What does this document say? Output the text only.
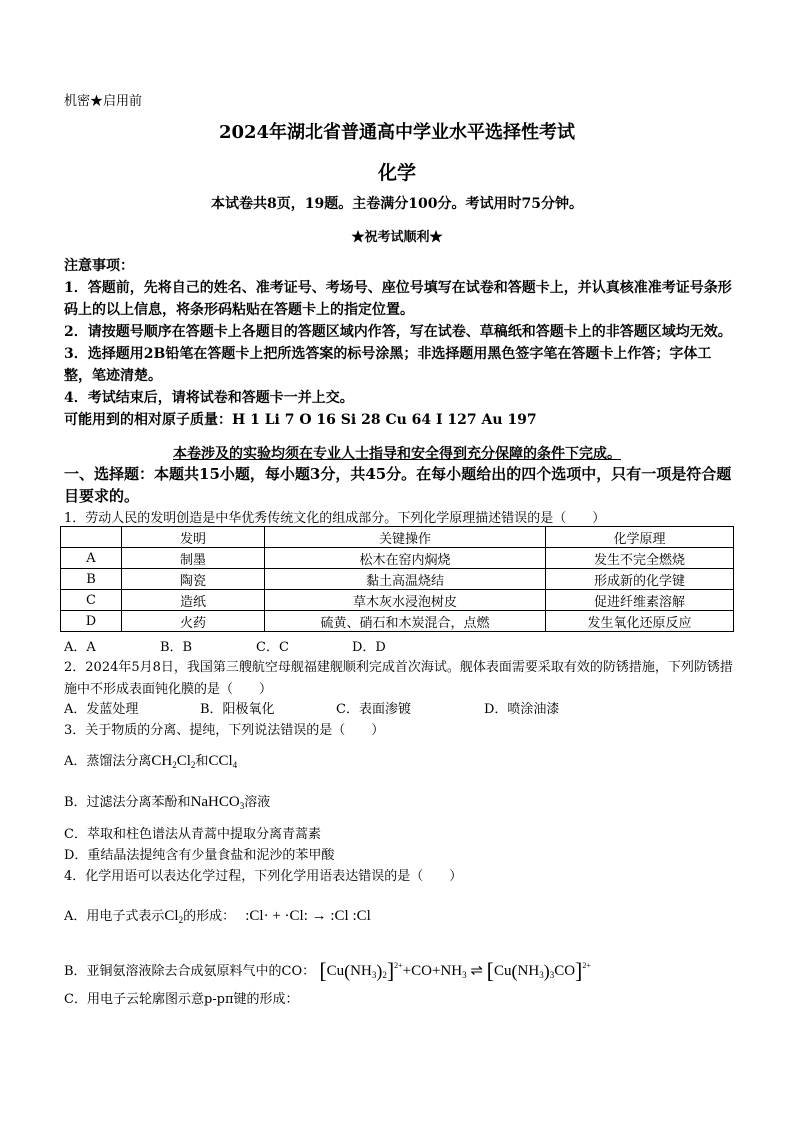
机密★启用前
2024年湖北省普通高中学业水平选择性考试
化学
本试卷共8页，19题。主卷满分100分。考试用时75分钟。
★祝考试顺利★
注意事项：
1．答题前，先将自己的姓名、准考证号、考场号、座位号填写在试卷和答题卡上，并认真核准准考证号条形码上的以上信息，将条形码粘贴在答题卡上的指定位置。
2．请按题号顺序在答题卡上各题目的答题区域内作答，写在试卷、草稿纸和答题卡上的非答题区域均无效。
3．选择题用2B铅笔在答题卡上把所选答案的标号涂黑；非选择题用黑色签字笔在答题卡上作答；字体工整，笔迹清楚。
4．考试结束后，请将试卷和答题卡一并上交。
可能用到的相对原子质量：H 1 Li 7 O 16 Si 28 Cu 64 I 127 Au 197
本卷涉及的实验均须在专业人士指导和安全得到充分保障的条件下完成。
一、选择题：本题共15小题，每小题3分，共45分。在每小题给出的四个选项中，只有一项是符合题目要求的。
1．劳动人民的发明创造是中华优秀传统文化的组成部分。下列化学原理描述错误的是（　　）
	发明	关键操作	化学原理
A	制墨	松木在窑内焖烧	发生不完全燃烧
B	陶瓷	黏土高温烧结	形成新的化学键
C	造纸	草木灰水浸泡树皮	促进纤维素溶解
D	火药	硫黄、硝石和木炭混合，点燃	发生氧化还原反应
A．A	B．B	C．C	D．D
2．2024年5月8日，我国第三艘航空母舰福建舰顺利完成首次海试。舰体表面需要采取有效的防锈措施，下列防锈措施中不形成表面钝化膜的是（　　）
A．发蓝处理	B．阳极氧化	C．表面渗镀	D．喷涂油漆
3．关于物质的分离、提纯，下列说法错误的是（　　）
A．蒸馏法分离$CH_2Cl_2$和CCl$_4$
B．过滤法分离苯酚和NaHCO$_3$溶液
C．萃取和柱色谱法从青蒿中提取分离青蒿素
D．重结晶法提纯含有少量食盐和泥沙的苯甲酸
4．化学用语可以表达化学过程，下列化学用语表达错误的是（　　）
A．用电子式表示$Cl_2$的形成： :Cl· + ·Cl: → :Cl :Cl
B．亚铜氨溶液除去合成氨原料气中的CO： $[Cu(NH_3)_2]^{2+}+CO+NH_3$ ⇌ $[Cu(NH_3)_3CO]^{2+}$
C．用电子云轮廓图示意p-pπ键的形成：
